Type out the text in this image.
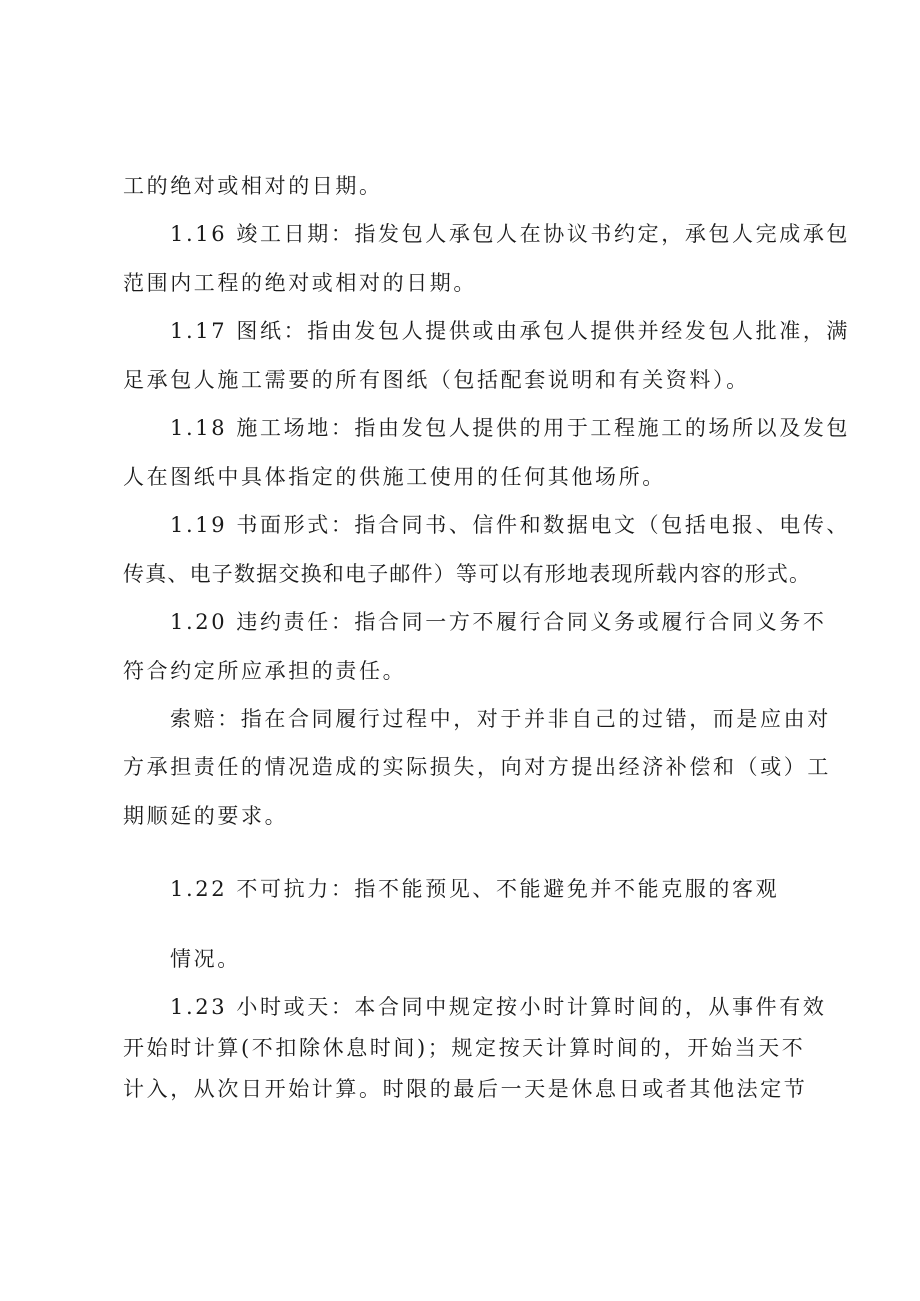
工的绝对或相对的日期。
1.16 竣工日期：指发包人承包人在协议书约定，承包人完成承包
范围内工程的绝对或相对的日期。
1.17 图纸：指由发包人提供或由承包人提供并经发包人批准，满
足承包人施工需要的所有图纸（包括配套说明和有关资料）。
1.18 施工场地：指由发包人提供的用于工程施工的场所以及发包
人在图纸中具体指定的供施工使用的任何其他场所。
1.19 书面形式：指合同书、信件和数据电文（包括电报、电传、
传真、电子数据交换和电子邮件）等可以有形地表现所载内容的形式。
1.20 违约责任：指合同一方不履行合同义务或履行合同义务不
符合约定所应承担的责任。
索赔：指在合同履行过程中，对于并非自己的过错，而是应由对
方承担责任的情况造成的实际损失，向对方提出经济补偿和（或）工
期顺延的要求。
1.22 不可抗力：指不能预见、不能避免并不能克服的客观
情况。
1.23 小时或天：本合同中规定按小时计算时间的，从事件有效
开始时计算(不扣除休息时间)；规定按天计算时间的，开始当天不
计入，从次日开始计算。时限的最后一天是休息日或者其他法定节
